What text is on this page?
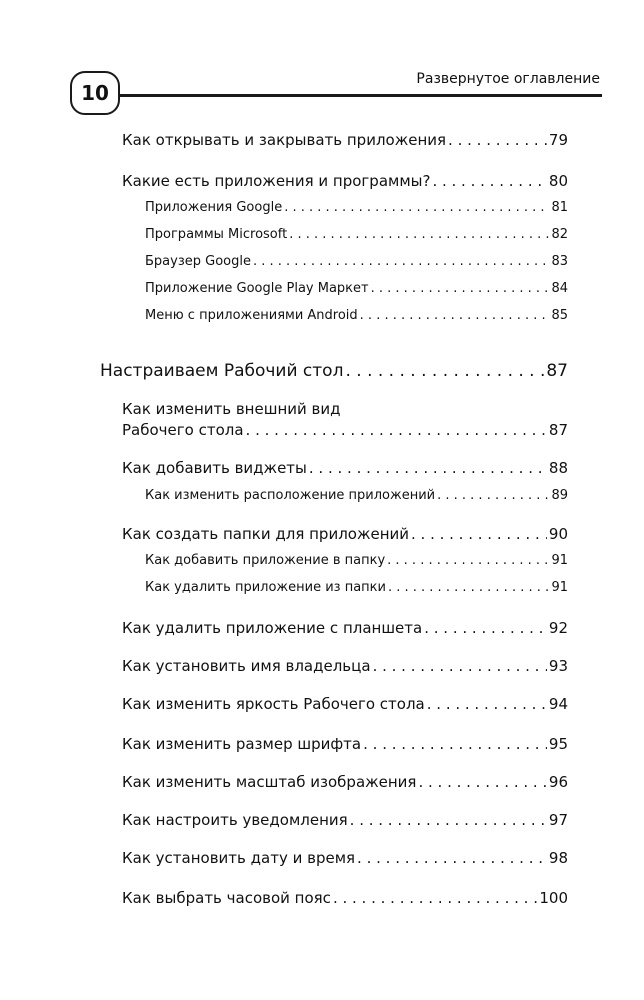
10
Развернутое оглавление
Как открывать и закрывать приложения . . .	79
Какие есть приложения и программы? . . .	80
Приложения Google . . .	81
Программы Microsoft . . .	82
Браузер Google . . .	83
Приложение Google Play Маркет . . .	84
Меню с приложениями Android . . .	85
Настраиваем Рабочий стол . . .	87
Как изменить внешний вид
Рабочего стола . . .	87
Как добавить виджеты . . .	88
Как изменить расположение приложений . . .	89
Как создать папки для приложений . . .	90
Как добавить приложение в папку . . .	91
Как удалить приложение из папки . . .	91
Как удалить приложение с планшета . . .	92
Как установить имя владельца . . .	93
Как изменить яркость Рабочего стола . . .	94
Как изменить размер шрифта . . .	95
Как изменить масштаб изображения . . .	96
Как настроить уведомления . . .	97
Как установить дату и время . . .	98
Как выбрать часовой пояс . . .	100
